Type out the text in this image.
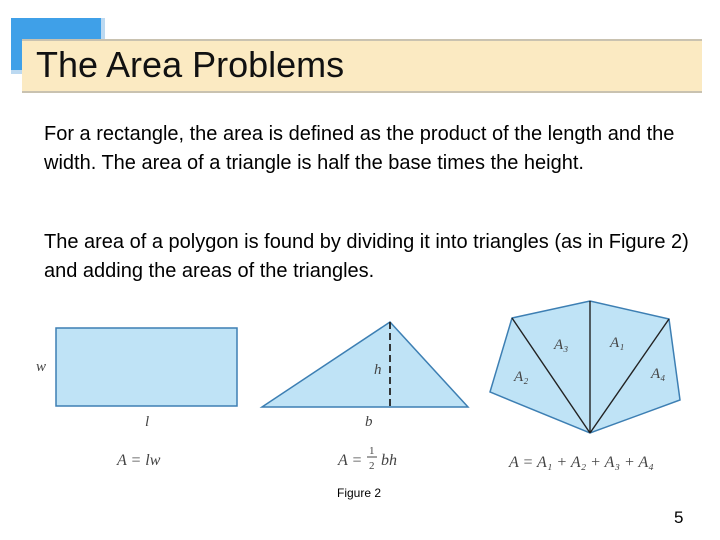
The Area Problems
For a rectangle, the area is defined as the product of the length and the width. The area of a triangle is half the base times the height.
The area of a polygon is found by dividing it into triangles (as in Figure 2) and adding the areas of the triangles.
w
l
A = lw
h
b
A =
1
2 bh
A₃	A₁
A₂	A₄
A = A₁ + A₂ + A₃ + A₄
Figure 2
5
